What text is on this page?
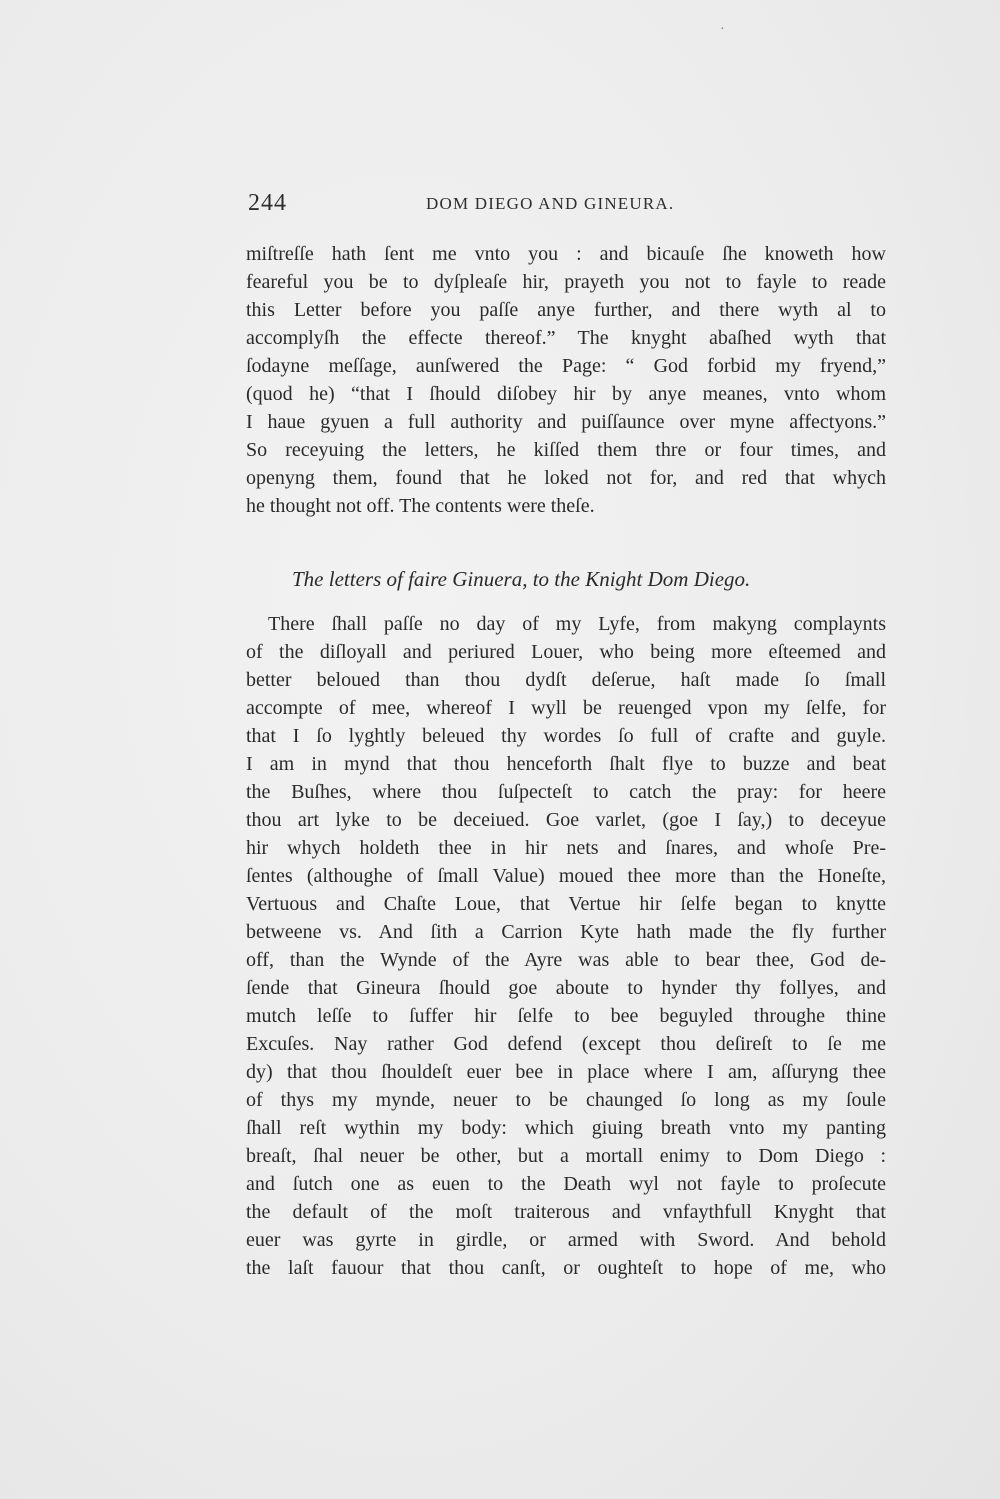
244	DOM DIEGO AND GINEURA.
miſtreſſe hath ſent me vnto you : and bicauſe ſhe knoweth how
feareful you be to dyſpleaſe hir, prayeth you not to fayle to reade
this Letter before you paſſe anye further, and there wyth al to
accomplyſh the effecte thereof.” The knyght abaſhed wyth that
ſodayne meſſage, aunſwered the Page: “ God forbid my fryend,”
(quod he) “that I ſhould diſobey hir by anye meanes, vnto whom
I haue gyuen a full authority and puiſſaunce over myne affectyons.”
So receyuing the letters, he kiſſed them thre or four times, and
openyng them, found that he loked not for, and red that whych
he thought not off. The contents were theſe.
The letters of faire Ginuera, to the Knight Dom Diego.
There ſhall paſſe no day of my Lyfe, from makyng complaynts
of the diſloyall and periured Louer, who being more eſteemed and
better beloued than thou dydſt deſerue, haſt made ſo ſmall
accompte of mee, whereof I wyll be reuenged vpon my ſelfe, for
that I ſo lyghtly beleued thy wordes ſo full of crafte and guyle.
I am in mynd that thou henceforth ſhalt flye to buzze and beat
the Buſhes, where thou ſuſpecteſt to catch the pray: for heere
thou art lyke to be deceiued. Goe varlet, (goe I ſay,) to deceyue
hir whych holdeth thee in hir nets and ſnares, and whoſe Pre-
ſentes (althoughe of ſmall Value) moued thee more than the Honeſte,
Vertuous and Chaſte Loue, that Vertue hir ſelfe began to knytte
betweene vs. And ſith a Carrion Kyte hath made the fly further
off, than the Wynde of the Ayre was able to bear thee, God de-
ſende that Gineura ſhould goe aboute to hynder thy follyes, and
mutch leſſe to ſuffer hir ſelfe to bee beguyled throughe thine
Excuſes. Nay rather God defend (except thou deſireſt to ſe me
dy) that thou ſhouldeſt euer bee in place where I am, aſſuryng thee
of thys my mynde, neuer to be chaunged ſo long as my ſoule
ſhall reſt wythin my body: which giuing breath vnto my panting
breaſt, ſhal neuer be other, but a mortall enimy to Dom Diego :
and ſutch one as euen to the Death wyl not fayle to proſecute
the default of the moſt traiterous and vnfaythfull Knyght that
euer was gyrte in girdle, or armed with Sword. And behold
the laſt fauour that thou canſt, or oughteſt to hope of me, who
·
